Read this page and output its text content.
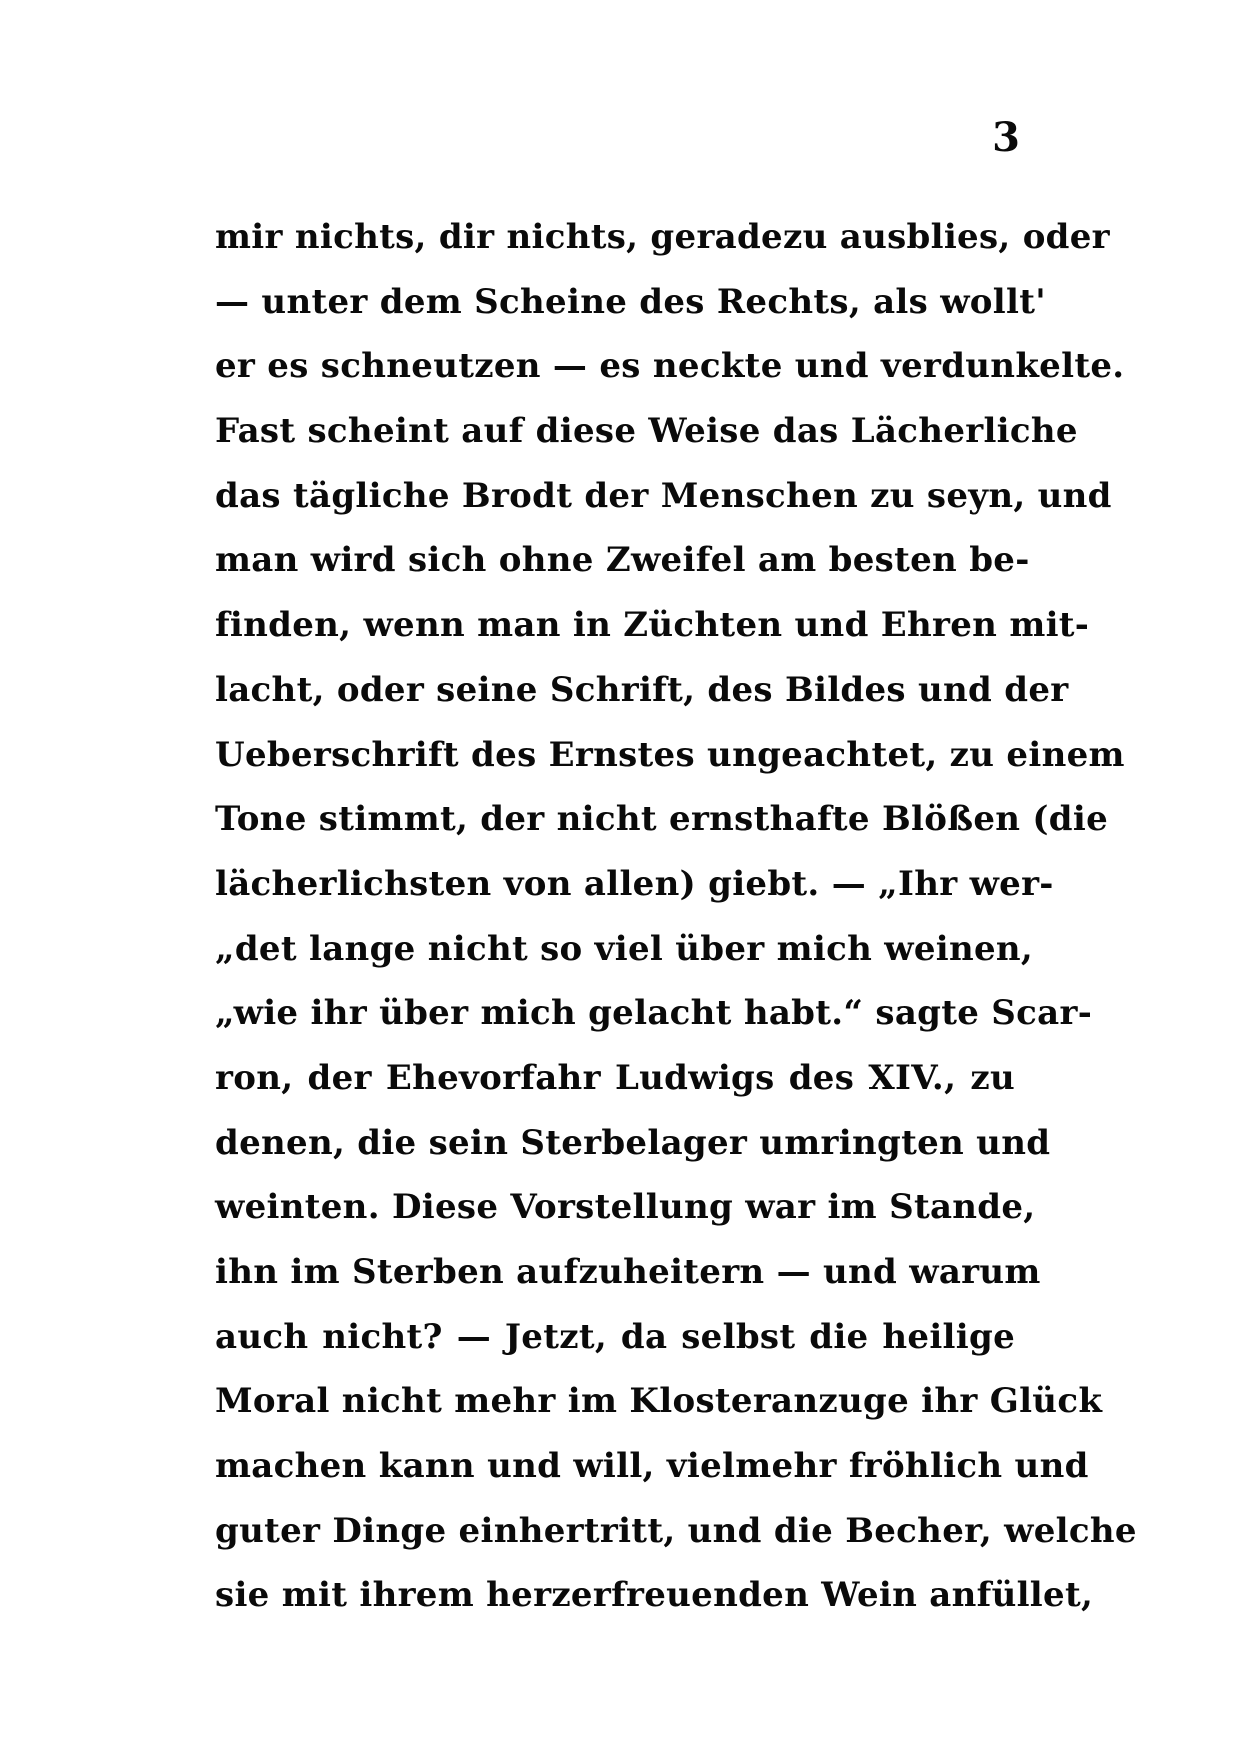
3
mir nichts, dir nichts, geradezu ausblies, oder
— unter dem Scheine des Rechts, als wollt'
er es schneutzen — es neckte und verdunkelte.
Fast scheint auf diese Weise das Lächerliche
das tägliche Brodt der Menschen zu seyn, und
man wird sich ohne Zweifel am besten be-
finden, wenn man in Züchten und Ehren mit-
lacht, oder seine Schrift, des Bildes und der
Ueberschrift des Ernstes ungeachtet, zu einem
Tone stimmt, der nicht ernsthafte Blößen (die
lächerlichsten von allen) giebt. — „Ihr wer-
„det lange nicht so viel über mich weinen,
„wie ihr über mich gelacht habt.“ sagte Scar-
ron, der Ehevorfahr Ludwigs des XIV., zu
denen, die sein Sterbelager umringten und
weinten. Diese Vorstellung war im Stande,
ihn im Sterben aufzuheitern — und warum
auch nicht? — Jetzt, da selbst die heilige
Moral nicht mehr im Klosteranzuge ihr Glück
machen kann und will, vielmehr fröhlich und
guter Dinge einhertritt, und die Becher, welche
sie mit ihrem herzerfreuenden Wein anfüllet,
